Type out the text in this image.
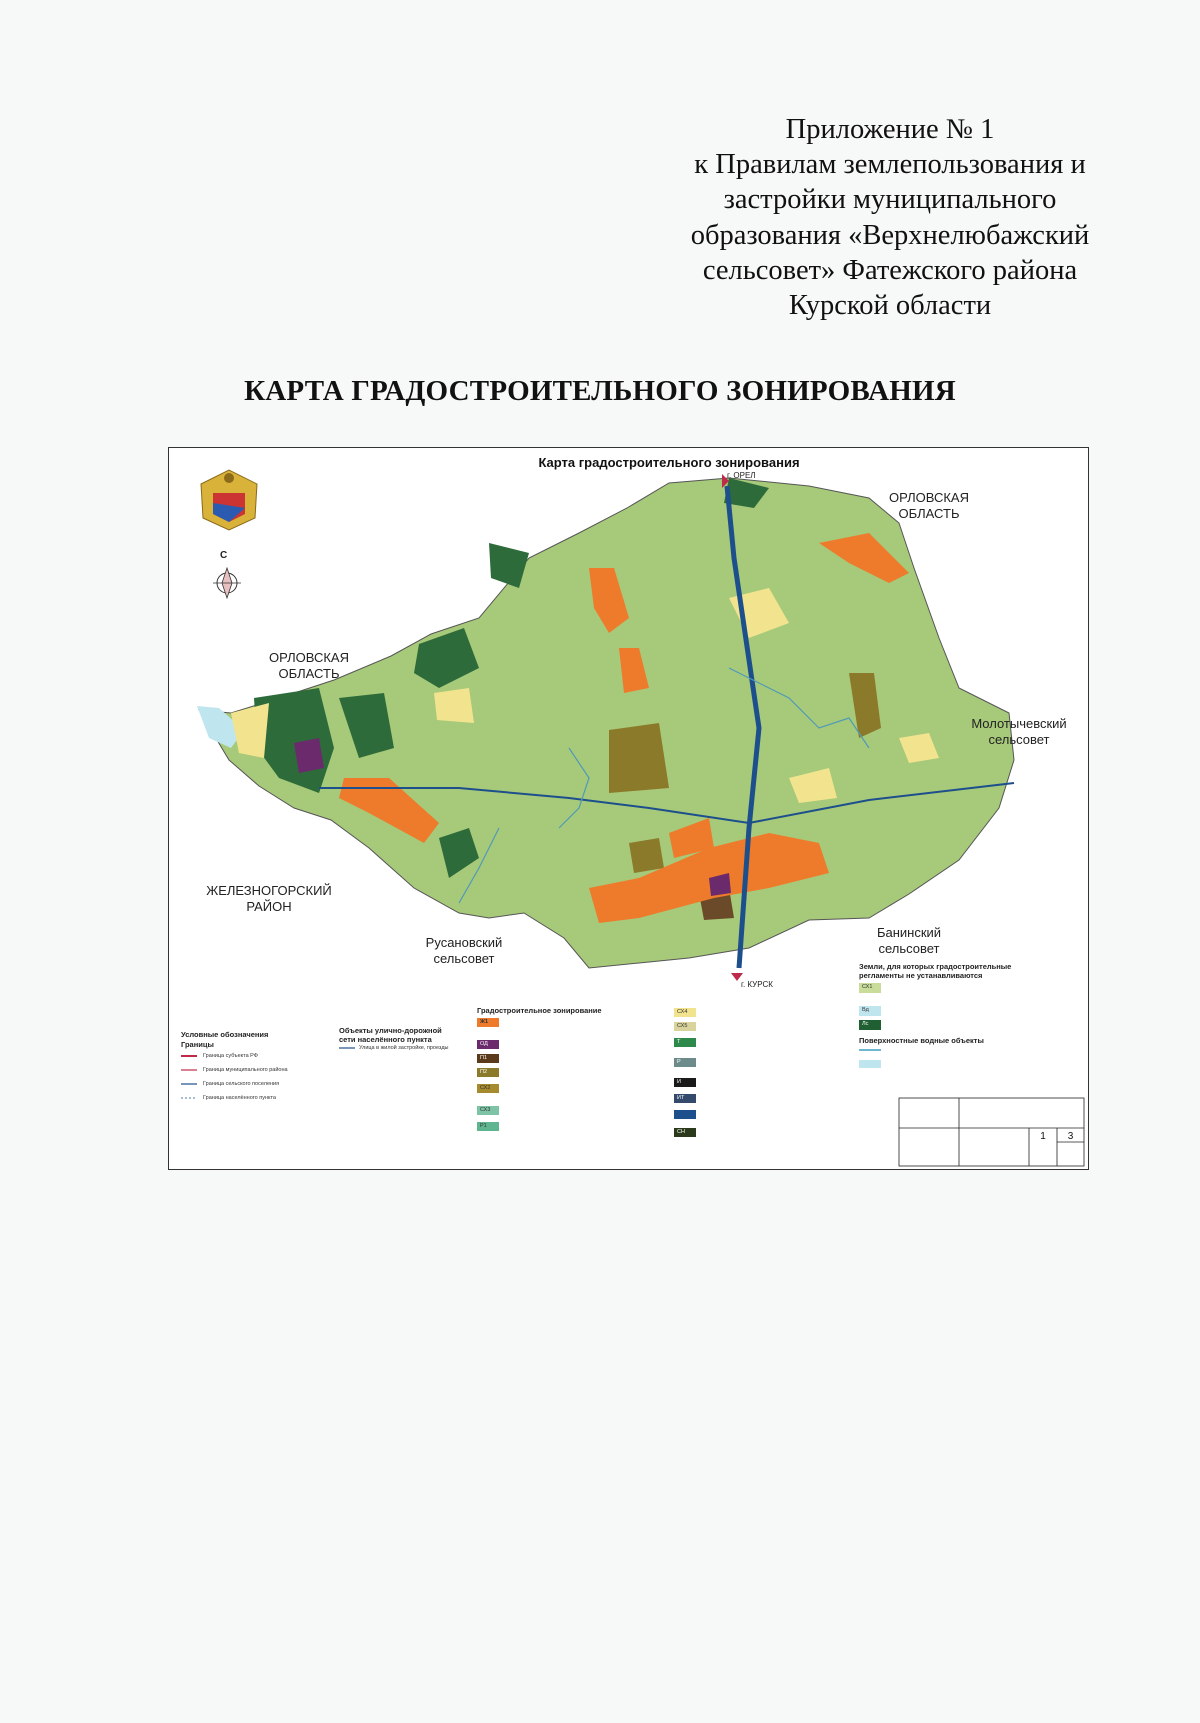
Приложение № 1
к Правилам землепользования и
застройки муниципального
образования «Верхнелюбажский
сельсовет» Фатежского района
Курской области
КАРТА ГРАДОСТРОИТЕЛЬНОГО ЗОНИРОВАНИЯ
Карта градостроительного зонирования
г. ОРЕЛ
г. КУРСК
С
ОРЛОВСКАЯ
ОБЛАСТЬ
ОРЛОВСКАЯ
ОБЛАСТЬ
Молотычевский
сельсовет
ЖЕЛЕЗНОГОРСКИЙ
РАЙОН
Русановский
сельсовет
Банинский
сельсовет
Условные обозначения
Границы
Граница субъекта РФ
Граница муниципального района
Граница сельского поселения
Граница населённого пункта
Объекты улично-дорожной сети населённого пункта
Улица в жилой застройке, проезды
Градостроительное зонирование
Ж1
ОД
П1
П2
СХ2
СХ3
Р1
СХ4
СХ5
Т
Р
И
ИТ
СН
Земли, для которых градостроительные регламенты не устанавливаются
СХ1
Вд
Лс
Поверхностные водные объекты
1	3
